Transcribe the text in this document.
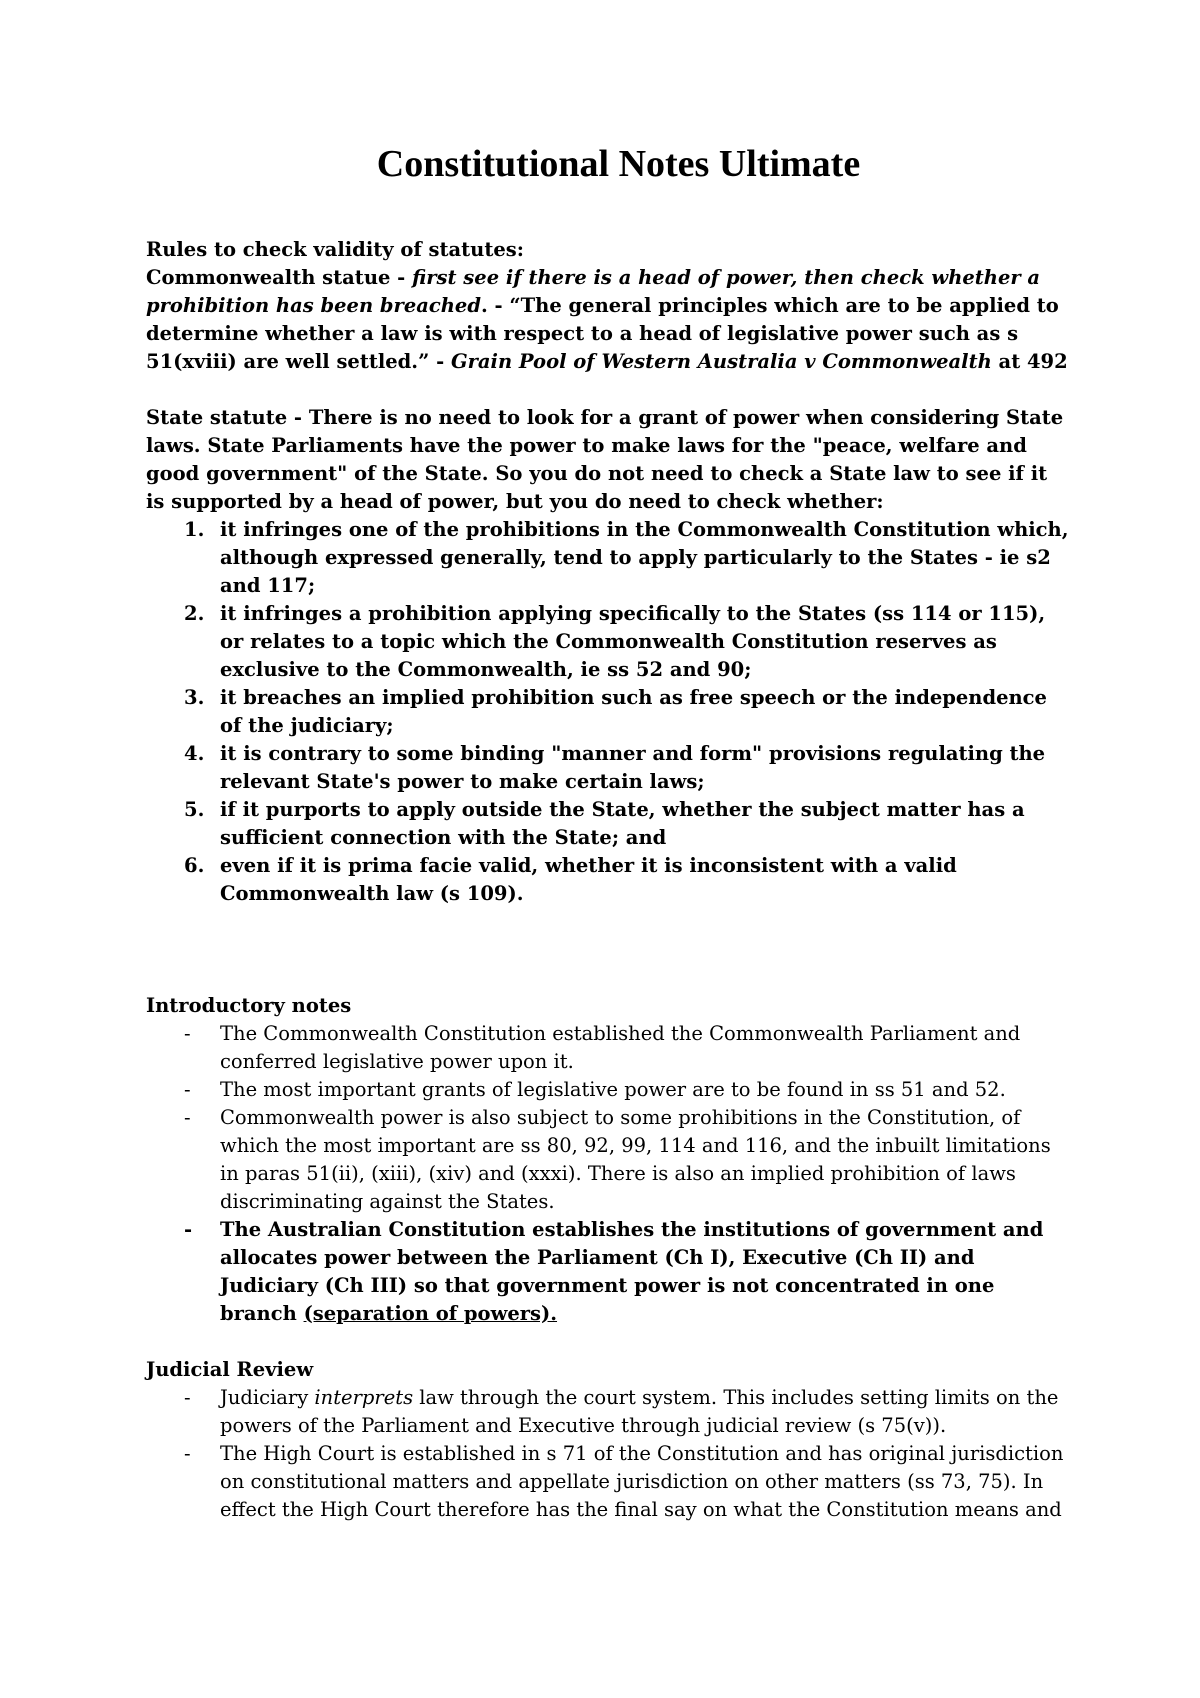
Constitutional Notes Ultimate

Rules to check validity of statutes:

Commonwealth statue - first see if there is a head of power, then check whether a prohibition has been breached. - “The general principles which are to be applied to determine whether a law is with respect to a head of legislative power such as s 51(xviii) are well settled.” - Grain Pool of Western Australia v Commonwealth at 492

State statute - There is no need to look for a grant of power when considering State laws. State Parliaments have the power to make laws for the "peace, welfare and good government" of the State. So you do not need to check a State law to see if it is supported by a head of power, but you do need to check whether:

1. it infringes one of the prohibitions in the Commonwealth Constitution which, although expressed generally, tend to apply particularly to the States - ie s2 and 117;
2. it infringes a prohibition applying specifically to the States (ss 114 or 115), or relates to a topic which the Commonwealth Constitution reserves as exclusive to the Commonwealth, ie ss 52 and 90;
3. it breaches an implied prohibition such as free speech or the independence of the judiciary;
4. it is contrary to some binding "manner and form" provisions regulating the relevant State's power to make certain laws;
5. if it purports to apply outside the State, whether the subject matter has a sufficient connection with the State; and
6. even if it is prima facie valid, whether it is inconsistent with a valid Commonwealth law (s 109).

Introductory notes

- The Commonwealth Constitution established the Commonwealth Parliament and conferred legislative power upon it.
- The most important grants of legislative power are to be found in ss 51 and 52.
- Commonwealth power is also subject to some prohibitions in the Constitution, of which the most important are ss 80, 92, 99, 114 and 116, and the inbuilt limitations in paras 51(ii), (xiii), (xiv) and (xxxi). There is also an implied prohibition of laws discriminating against the States.
- The Australian Constitution establishes the institutions of government and allocates power between the Parliament (Ch I), Executive (Ch II) and Judiciary (Ch III) so that government power is not concentrated in one branch (separation of powers).

Judicial Review

- Judiciary interprets law through the court system. This includes setting limits on the powers of the Parliament and Executive through judicial review (s 75(v)).
- The High Court is established in s 71 of the Constitution and has original jurisdiction on constitutional matters and appellate jurisdiction on other matters (ss 73, 75). In effect the High Court therefore has the final say on what the Constitution means and
